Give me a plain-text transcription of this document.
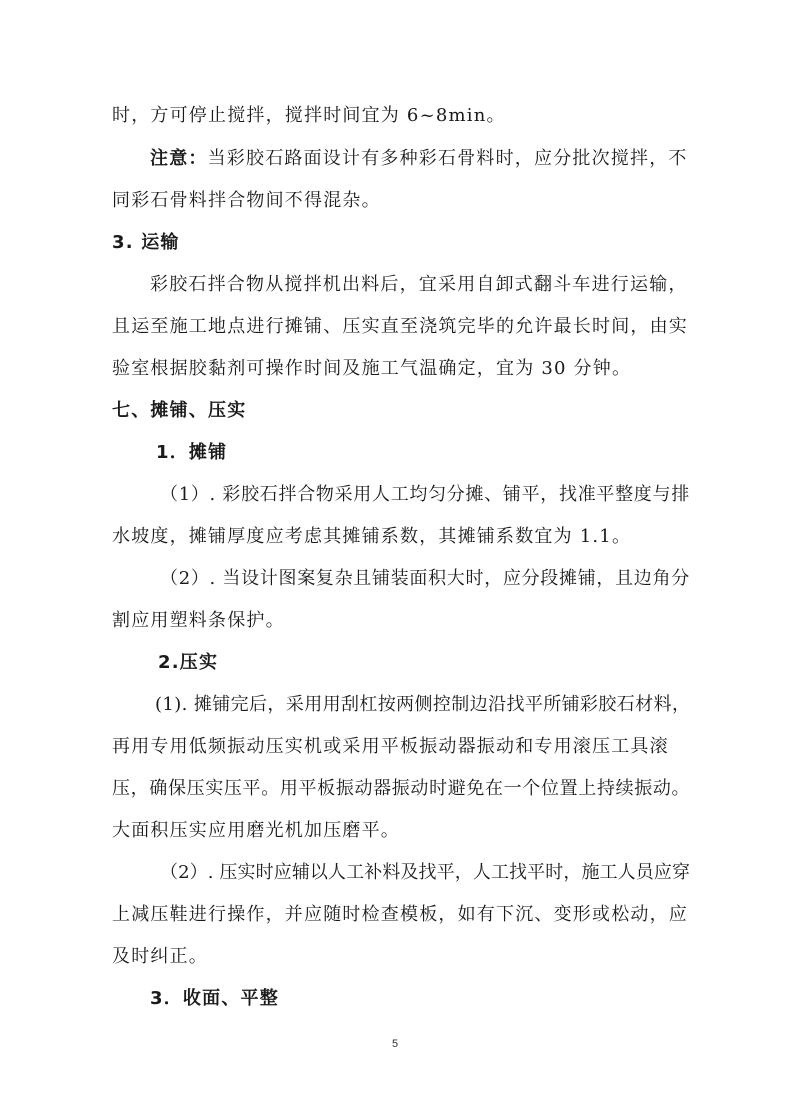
时，方可停止搅拌，搅拌时间宜为 6~8min。
注意：当彩胶石路面设计有多种彩石骨料时，应分批次搅拌，不
同彩石骨料拌合物间不得混杂。
3. 运输
彩胶石拌合物从搅拌机出料后，宜采用自卸式翻斗车进行运输，
且运至施工地点进行摊铺、压实直至浇筑完毕的允许最长时间，由实
验室根据胶黏剂可操作时间及施工气温确定，宜为 30 分钟。
七、摊铺、压实
1．摊铺
（1）. 彩胶石拌合物采用人工均匀分摊、铺平，找准平整度与排
水坡度，摊铺厚度应考虑其摊铺系数，其摊铺系数宜为 1.1。
（2）. 当设计图案复杂且铺装面积大时，应分段摊铺，且边角分
割应用塑料条保护。
2.压实
(1). 摊铺完后，采用用刮杠按两侧控制边沿找平所铺彩胶石材料，
再用专用低频振动压实机或采用平板振动器振动和专用滚压工具滚
压，确保压实压平。用平板振动器振动时避免在一个位置上持续振动。
大面积压实应用磨光机加压磨平。
（2）. 压实时应辅以人工补料及找平，人工找平时，施工人员应穿
上减压鞋进行操作，并应随时检查模板，如有下沉、变形或松动，应
及时纠正。
3．收面、平整
5
